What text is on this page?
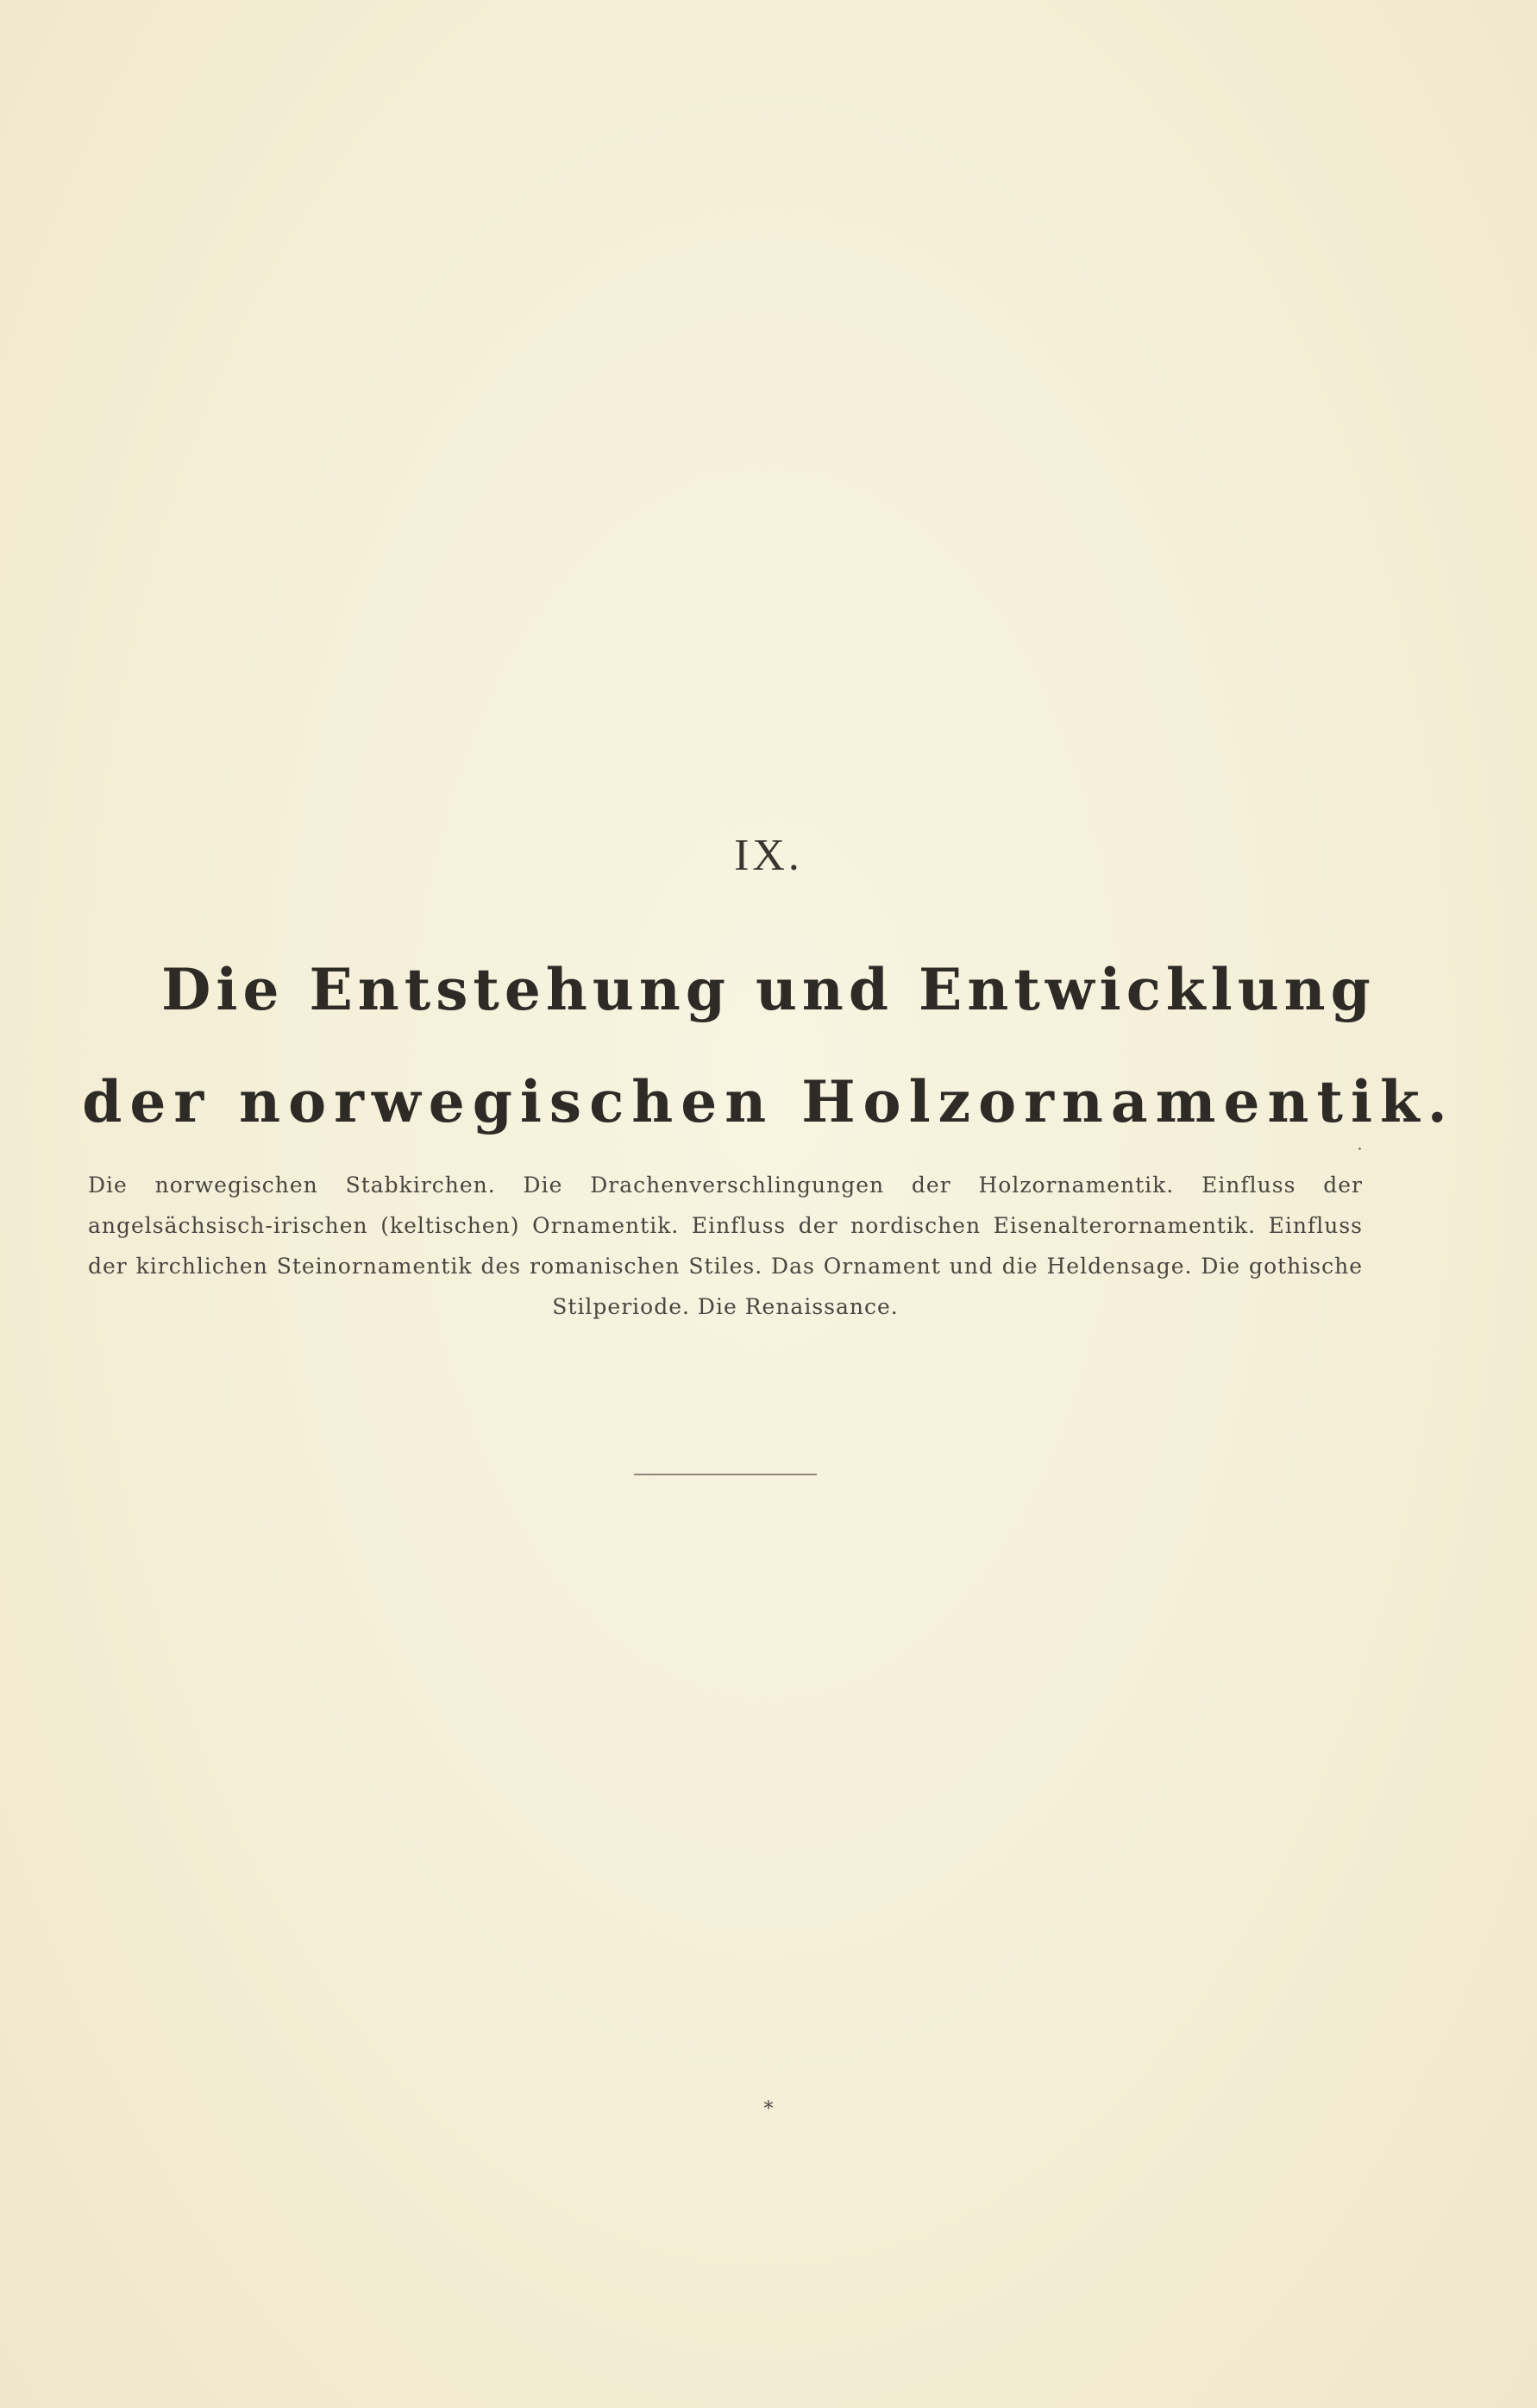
IX.
Die Entstehung und Entwicklung
der norwegischen Holzornamentik.
Die norwegischen Stabkirchen. Die Drachenverschlingungen der Holzornamentik. Einfluss der angelsächsisch-irischen (keltischen) Ornamentik. Einfluss der nordischen Eisenalterornamentik. Einfluss der kirchlichen Steinornamentik des romanischen Stiles. Das Ornament und die Heldensage. Die gothische Stilperiode. Die Renaissance.
⁎
